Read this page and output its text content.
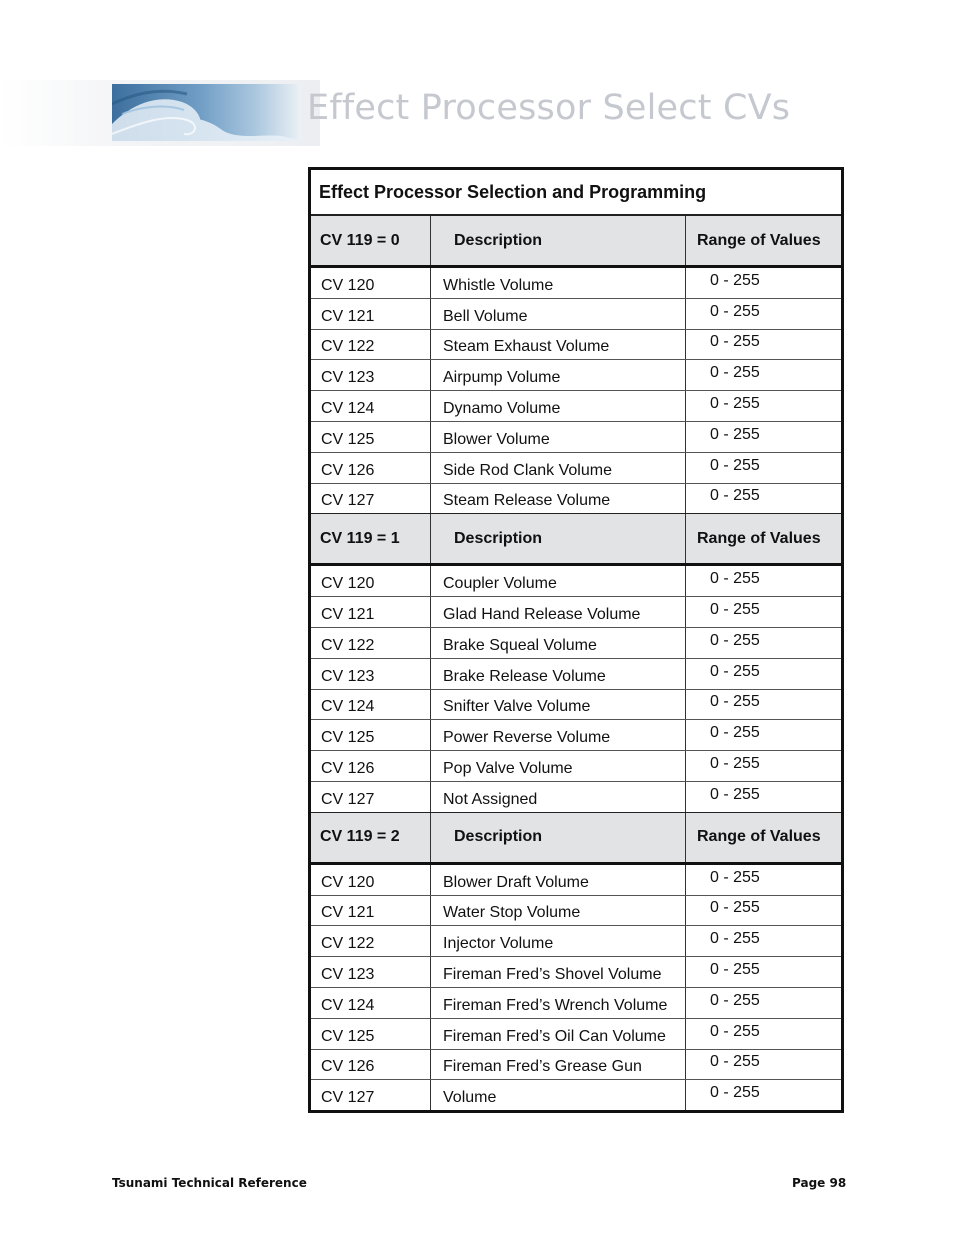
Effect Processor Select CVs
Effect Processor Selection and Programming
CV 119 = 0	Description	Range of Values
CV 120	Whistle Volume	0 - 255
CV 121	Bell Volume	0 - 255
CV 122	Steam Exhaust Volume	0 - 255
CV 123	Airpump Volume	0 - 255
CV 124	Dynamo Volume	0 - 255
CV 125	Blower Volume	0 - 255
CV 126	Side Rod Clank Volume	0 - 255
CV 127	Steam Release Volume	0 - 255
CV 119 = 1	Description	Range of Values
CV 120	Coupler Volume	0 - 255
CV 121	Glad Hand Release Volume	0 - 255
CV 122	Brake Squeal Volume	0 - 255
CV 123	Brake Release Volume	0 - 255
CV 124	Snifter Valve Volume	0 - 255
CV 125	Power Reverse Volume	0 - 255
CV 126	Pop Valve Volume	0 - 255
CV 127	Not Assigned	0 - 255
CV 119 = 2	Description	Range of Values
CV 120	Blower Draft Volume	0 - 255
CV 121	Water Stop Volume	0 - 255
CV 122	Injector Volume	0 - 255
CV 123	Fireman Fred’s Shovel Volume	0 - 255
CV 124	Fireman Fred’s Wrench Volume	0 - 255
CV 125	Fireman Fred’s Oil Can Volume	0 - 255
CV 126	Fireman Fred’s Grease Gun	0 - 255
CV 127	Volume	0 - 255
Tsunami Technical Reference	Page 98
